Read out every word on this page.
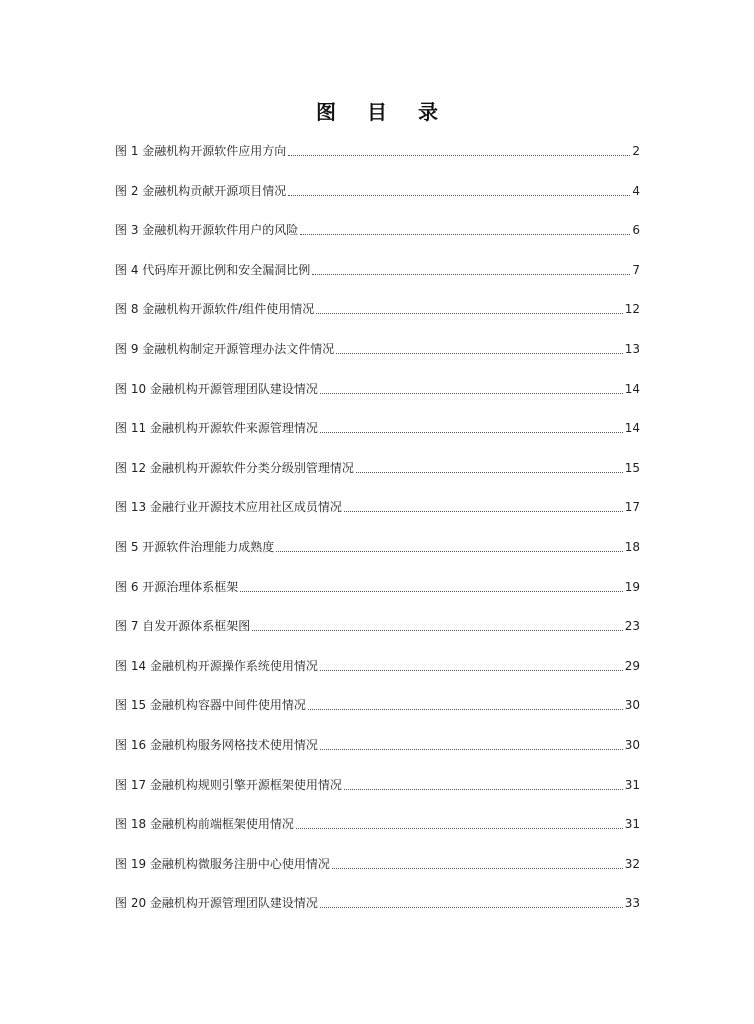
图 目 录
图 1 金融机构开源软件应用方向	2
图 2 金融机构贡献开源项目情况	4
图 3 金融机构开源软件用户的风险	6
图 4 代码库开源比例和安全漏洞比例	7
图 8 金融机构开源软件/组件使用情况	12
图 9 金融机构制定开源管理办法文件情况	13
图 10 金融机构开源管理团队建设情况	14
图 11 金融机构开源软件来源管理情况	14
图 12 金融机构开源软件分类分级别管理情况	15
图 13 金融行业开源技术应用社区成员情况	17
图 5 开源软件治理能力成熟度	18
图 6 开源治理体系框架	19
图 7 自发开源体系框架图	23
图 14 金融机构开源操作系统使用情况	29
图 15 金融机构容器中间件使用情况	30
图 16 金融机构服务网格技术使用情况	30
图 17 金融机构规则引擎开源框架使用情况	31
图 18 金融机构前端框架使用情况	31
图 19 金融机构微服务注册中心使用情况	32
图 20 金融机构开源管理团队建设情况	33
